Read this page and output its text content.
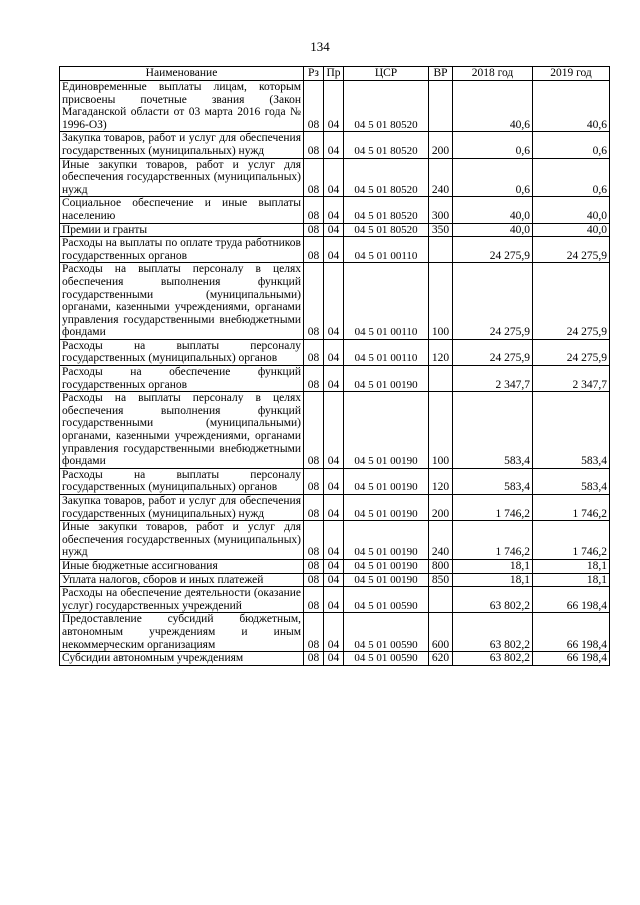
134
Наименование	Рз	Пр	ЦСР	ВР	2018 год	2019 год
Единовременные выплаты лицам, которым присвоены почетные звания (Закон Магаданской области от 03 марта 2016 года № 1996-ОЗ)	08	04	04 5 01 80520		40,6	40,6
Закупка товаров, работ и услуг для обеспечения государственных (муниципальных) нужд	08	04	04 5 01 80520	200	0,6	0,6
Иные закупки товаров, работ и услуг для обеспечения государственных (муниципальных) нужд	08	04	04 5 01 80520	240	0,6	0,6
Социальное обеспечение и иные выплаты населению	08	04	04 5 01 80520	300	40,0	40,0
Премии и гранты	08	04	04 5 01 80520	350	40,0	40,0
Расходы на выплаты по оплате труда работников государственных органов	08	04	04 5 01 00110		24 275,9	24 275,9
Расходы на выплаты персоналу в целях обеспечения выполнения функций государственными (муниципальными) органами, казенными учреждениями, органами управления государственными внебюджетными фондами	08	04	04 5 01 00110	100	24 275,9	24 275,9
Расходы на выплаты персоналу государственных (муниципальных) органов	08	04	04 5 01 00110	120	24 275,9	24 275,9
Расходы на обеспечение функций государственных органов	08	04	04 5 01 00190		2 347,7	2 347,7
Расходы на выплаты персоналу в целях обеспечения выполнения функций государственными (муниципальными) органами, казенными учреждениями, органами управления государственными внебюджетными фондами	08	04	04 5 01 00190	100	583,4	583,4
Расходы на выплаты персоналу государственных (муниципальных) органов	08	04	04 5 01 00190	120	583,4	583,4
Закупка товаров, работ и услуг для обеспечения государственных (муниципальных) нужд	08	04	04 5 01 00190	200	1 746,2	1 746,2
Иные закупки товаров, работ и услуг для обеспечения государственных (муниципальных) нужд	08	04	04 5 01 00190	240	1 746,2	1 746,2
Иные бюджетные ассигнования	08	04	04 5 01 00190	800	18,1	18,1
Уплата налогов, сборов и иных платежей	08	04	04 5 01 00190	850	18,1	18,1
Расходы на обеспечение деятельности (оказание услуг) государственных учреждений	08	04	04 5 01 00590		63 802,2	66 198,4
Предоставление субсидий бюджетным, автономным учреждениям и иным некоммерческим организациям	08	04	04 5 01 00590	600	63 802,2	66 198,4
Субсидии автономным учреждениям	08	04	04 5 01 00590	620	63 802,2	66 198,4
